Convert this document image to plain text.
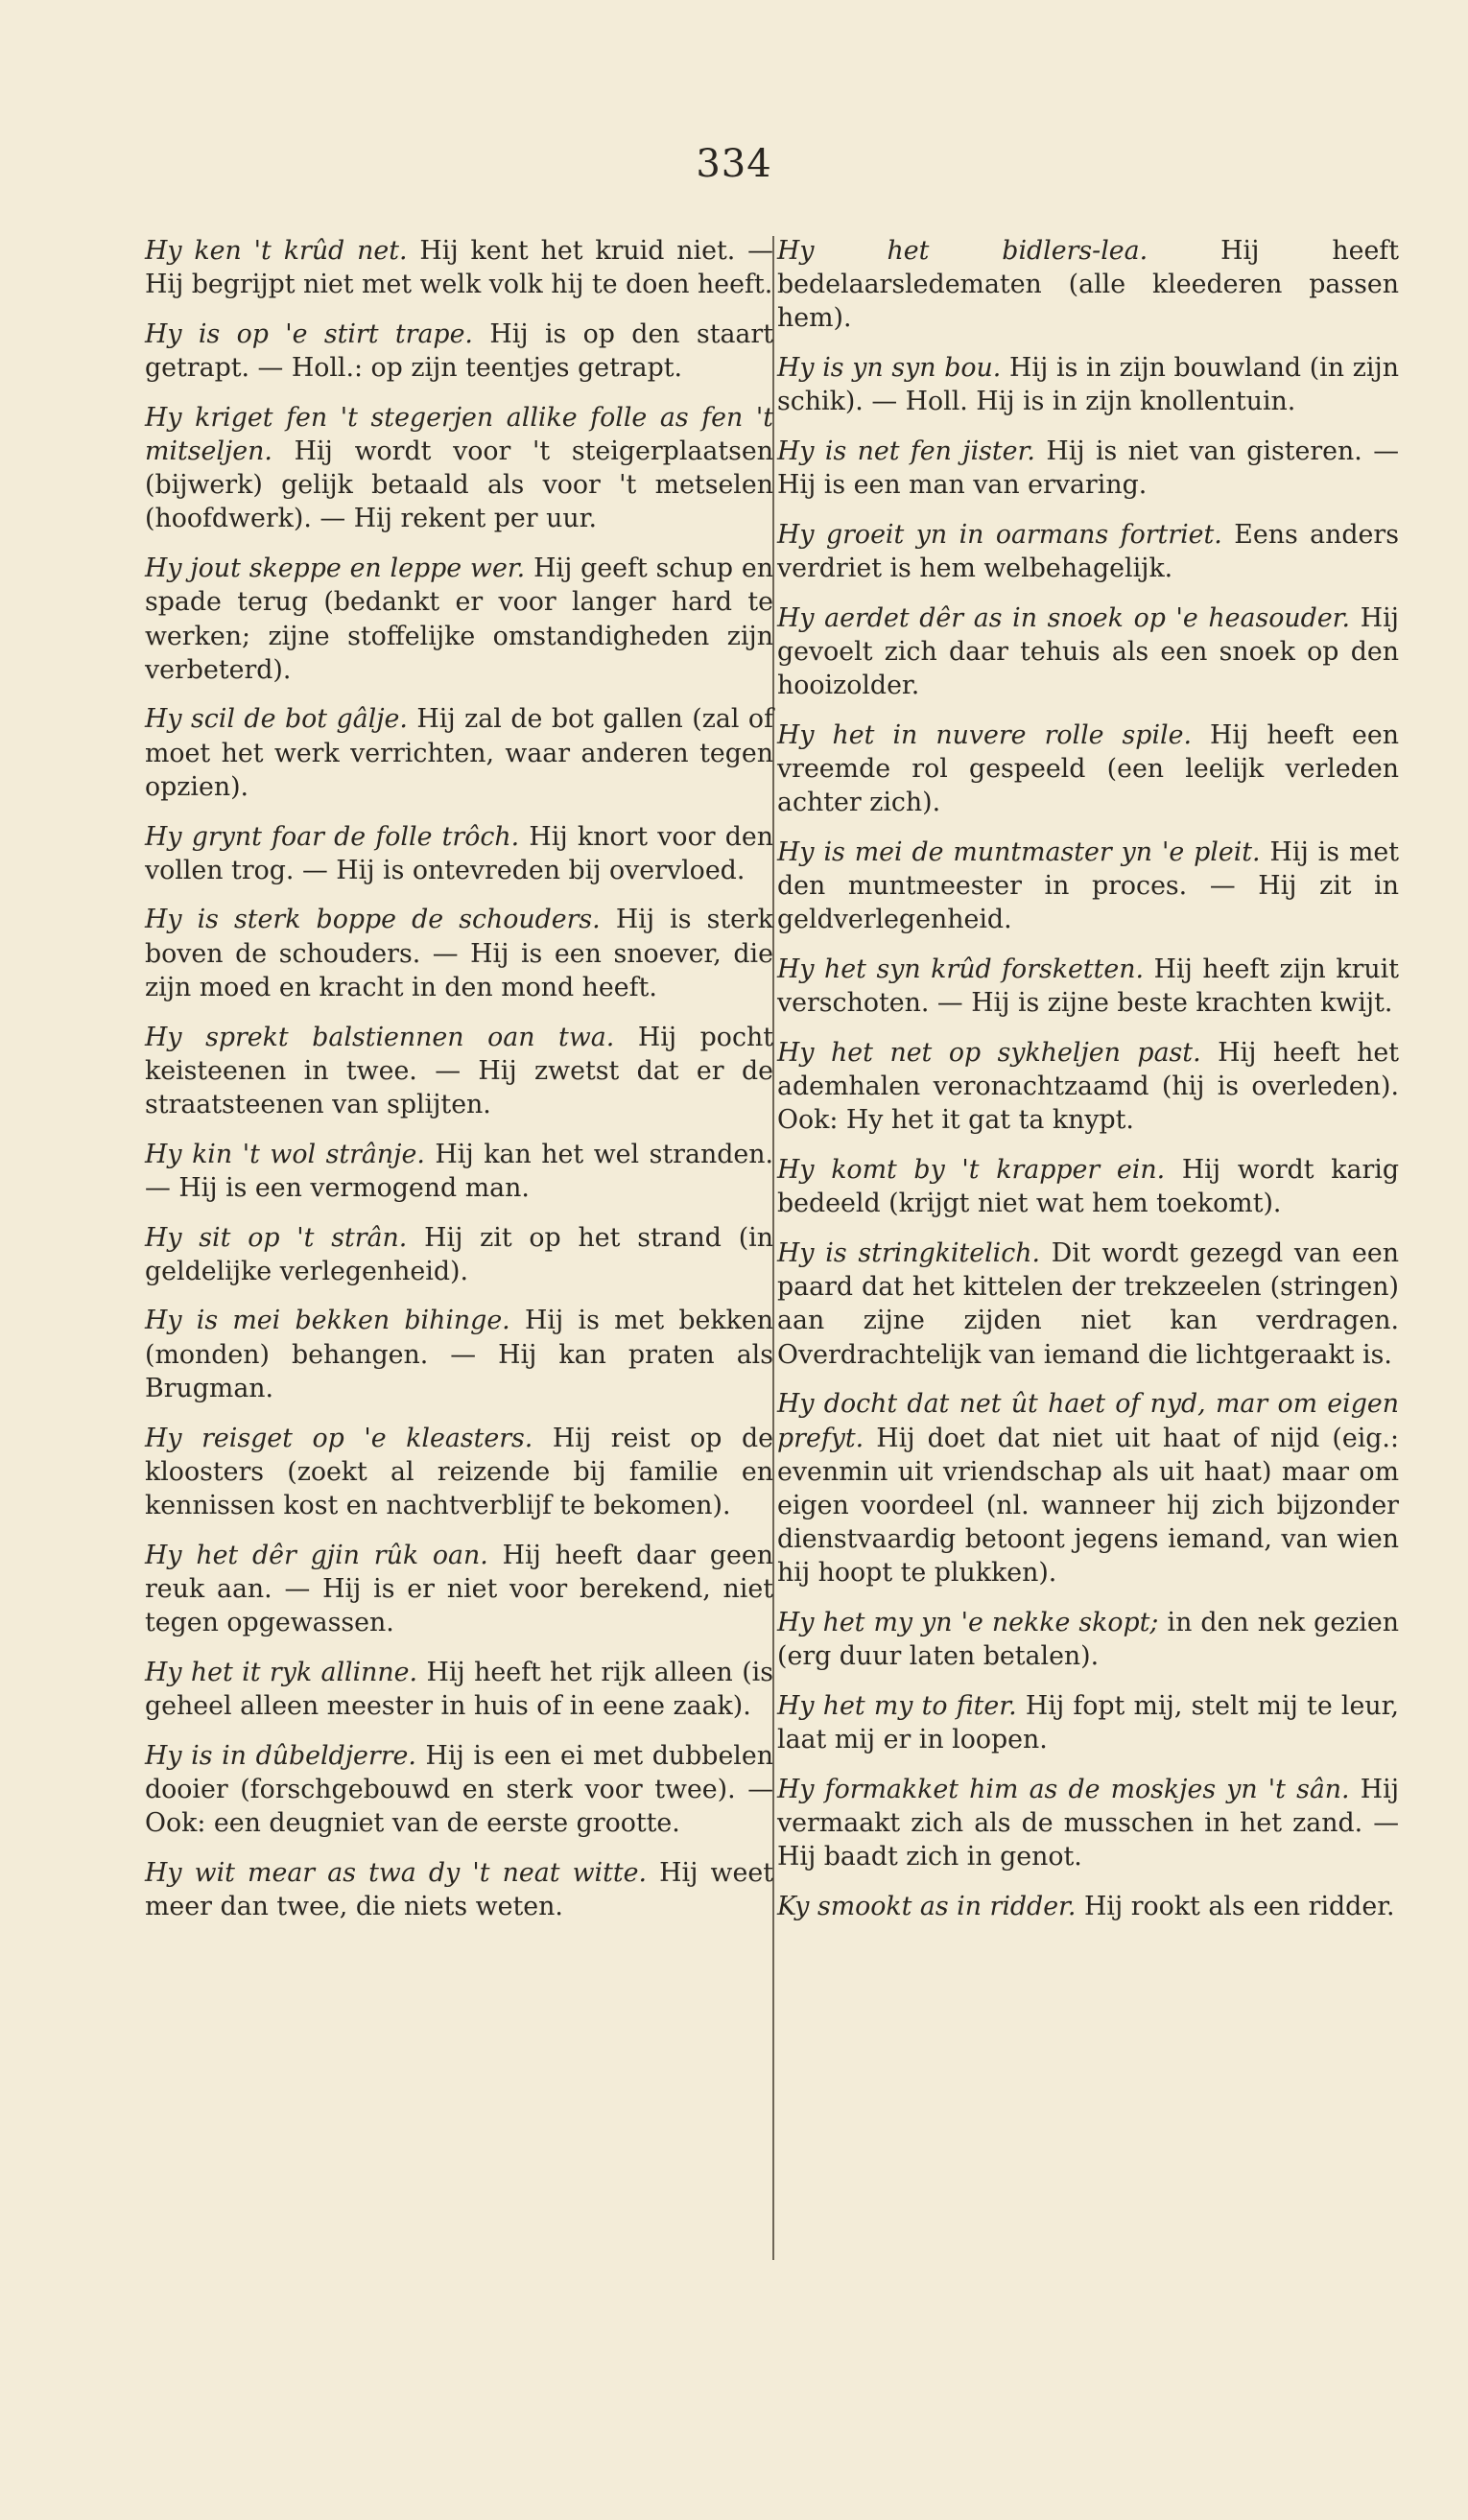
334

Hy ken 't krûd net. Hij kent het kruid niet. — Hij begrijpt niet met welk volk hij te doen heeft.

Hy is op 'e stirt trape. Hij is op den staart getrapt. — Holl.: op zijn teentjes getrapt.

Hy kriget fen 't stegerjen allike folle as fen 't mitseljen. Hij wordt voor 't steigerplaatsen (bijwerk) gelijk betaald als voor 't metselen (hoofdwerk). — Hij rekent per uur.

Hy jout skeppe en leppe wer. Hij geeft schup en spade terug (bedankt er voor langer hard te werken; zijne stoffelijke omstandigheden zijn verbeterd).

Hy scil de bot gâlje. Hij zal de bot gallen (zal of moet het werk verrichten, waar anderen tegen opzien).

Hy grynt foar de folle trôch. Hij knort voor den vollen trog. — Hij is ontevreden bij overvloed.

Hy is sterk boppe de schouders. Hij is sterk boven de schouders. — Hij is een snoever, die zijn moed en kracht in den mond heeft.

Hy sprekt balstiennen oan twa. Hij pocht keisteenen in twee. — Hij zwetst dat er de straatsteenen van splijten.

Hy kin 't wol strânje. Hij kan het wel stranden. — Hij is een vermogend man.

Hy sit op 't strân. Hij zit op het strand (in geldelijke verlegenheid).

Hy is mei bekken bihinge. Hij is met bekken (monden) behangen. — Hij kan praten als Brugman.

Hy reisget op 'e kleasters. Hij reist op de kloosters (zoekt al reizende bij familie en kennissen kost en nachtverblijf te bekomen).

Hy het dêr gjin rûk oan. Hij heeft daar geen reuk aan. — Hij is er niet voor berekend, niet tegen opgewassen.

Hy het it ryk allinne. Hij heeft het rijk alleen (is geheel alleen meester in huis of in eene zaak).

Hy is in dûbeldjerre. Hij is een ei met dubbelen dooier (forschgebouwd en sterk voor twee). — Ook: een deugniet van de eerste grootte.

Hy wit mear as twa dy 't neat witte. Hij weet meer dan twee, die niets weten.

Hy het bidlers-lea.	Hij heeft bedelaarsledematen (alle kleederen passen hem).

Hy is yn syn bou. Hij is in zijn bouwland (in zijn schik). — Holl. Hij is in zijn knollentuin.

Hy is net fen jister. Hij is niet van gisteren. — Hij is een man van ervaring.

Hy groeit yn in oarmans fortriet. Eens anders verdriet is hem welbehagelijk.

Hy aerdet dêr as in snoek op 'e heasouder. Hij gevoelt zich daar tehuis als een snoek op den hooizolder.

Hy het in nuvere rolle spile. Hij heeft een vreemde rol gespeeld (een leelijk verleden achter zich).

Hy is mei de muntmaster yn 'e pleit. Hij is met den muntmeester in proces. — Hij zit in geldverlegenheid.

Hy het syn krûd forsketten. Hij heeft zijn kruit verschoten. — Hij is zijne beste krachten kwijt.

Hy het net op sykheljen past. Hij heeft het ademhalen veronachtzaamd (hij is overleden). Ook: Hy het it gat ta knypt.

Hy komt by 't krapper ein. Hij wordt karig bedeeld (krijgt niet wat hem toekomt).

Hy is stringkitelich. Dit wordt gezegd van een paard dat het kittelen der trekzeelen (stringen) aan zijne zijden niet kan verdragen. Overdrachtelijk van iemand die lichtgeraakt is.

Hy docht dat net ût haet of nyd, mar om eigen prefyt. Hij doet dat niet uit haat of nijd (eig.: evenmin uit vriendschap als uit haat) maar om eigen voordeel (nl. wanneer hij zich bijzonder dienstvaardig betoont jegens iemand, van wien hij hoopt te plukken).

Hy het my yn 'e nekke skopt; in den nek gezien (erg duur laten betalen).

Hy het my to fiter. Hij fopt mij, stelt mij te leur, laat mij er in loopen.

Hy formakket him as de moskjes yn 't sân. Hij vermaakt zich als de musschen in het zand. — Hij baadt zich in genot.

Ky smookt as in ridder. Hij rookt als een ridder.
